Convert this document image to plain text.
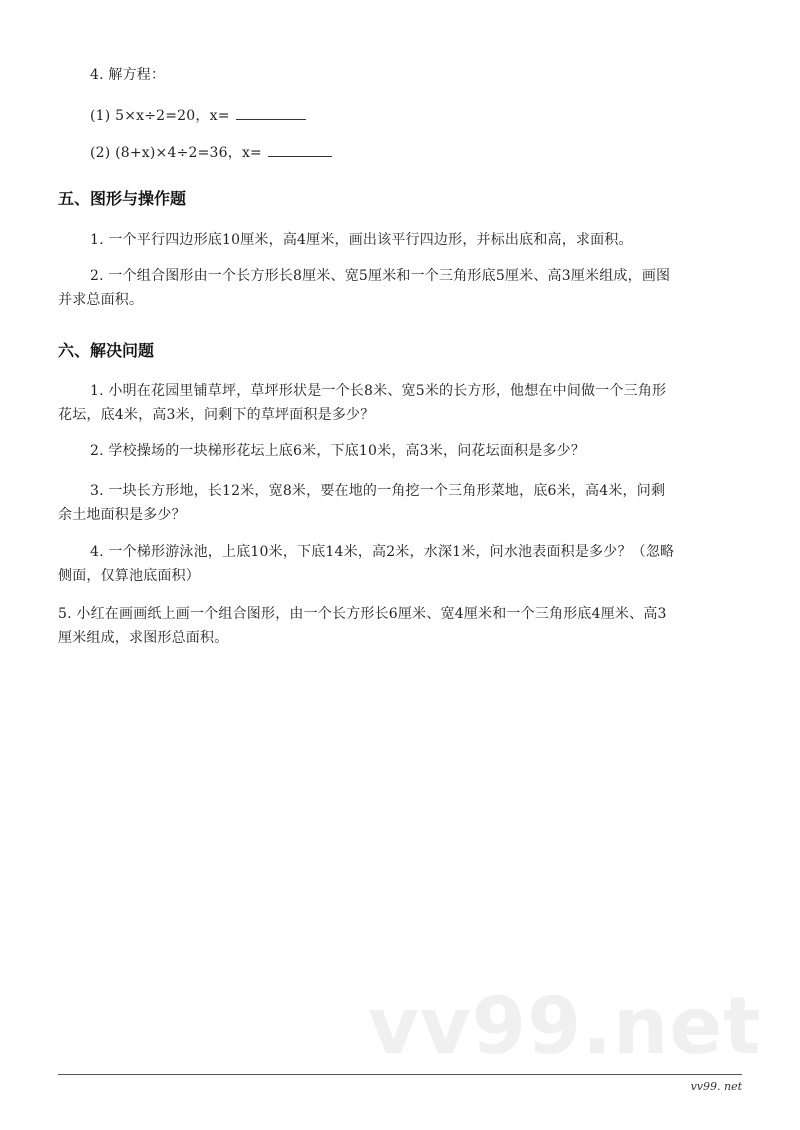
4. 解方程：
(1) 5×x÷2=20，x=
(2) (8+x)×4÷2=36，x=
五、图形与操作题
1. 一个平行四边形底10厘米，高4厘米，画出该平行四边形，并标出底和高，求面积。
2. 一个组合图形由一个长方形长8厘米、宽5厘米和一个三角形底5厘米、高3厘米组成，画图
并求总面积。
六、解决问题
1. 小明在花园里铺草坪，草坪形状是一个长8米、宽5米的长方形，他想在中间做一个三角形
花坛，底4米，高3米，问剩下的草坪面积是多少？
2. 学校操场的一块梯形花坛上底6米，下底10米，高3米，问花坛面积是多少？
3. 一块长方形地，长12米，宽8米，要在地的一角挖一个三角形菜地，底6米，高4米，问剩
余土地面积是多少？
4. 一个梯形游泳池，上底10米，下底14米，高2米，水深1米，问水池表面积是多少？（忽略
侧面，仅算池底面积）
5. 小红在画画纸上画一个组合图形，由一个长方形长6厘米、宽4厘米和一个三角形底4厘米、高3
厘米组成，求图形总面积。
vv99.net
vv99. net
